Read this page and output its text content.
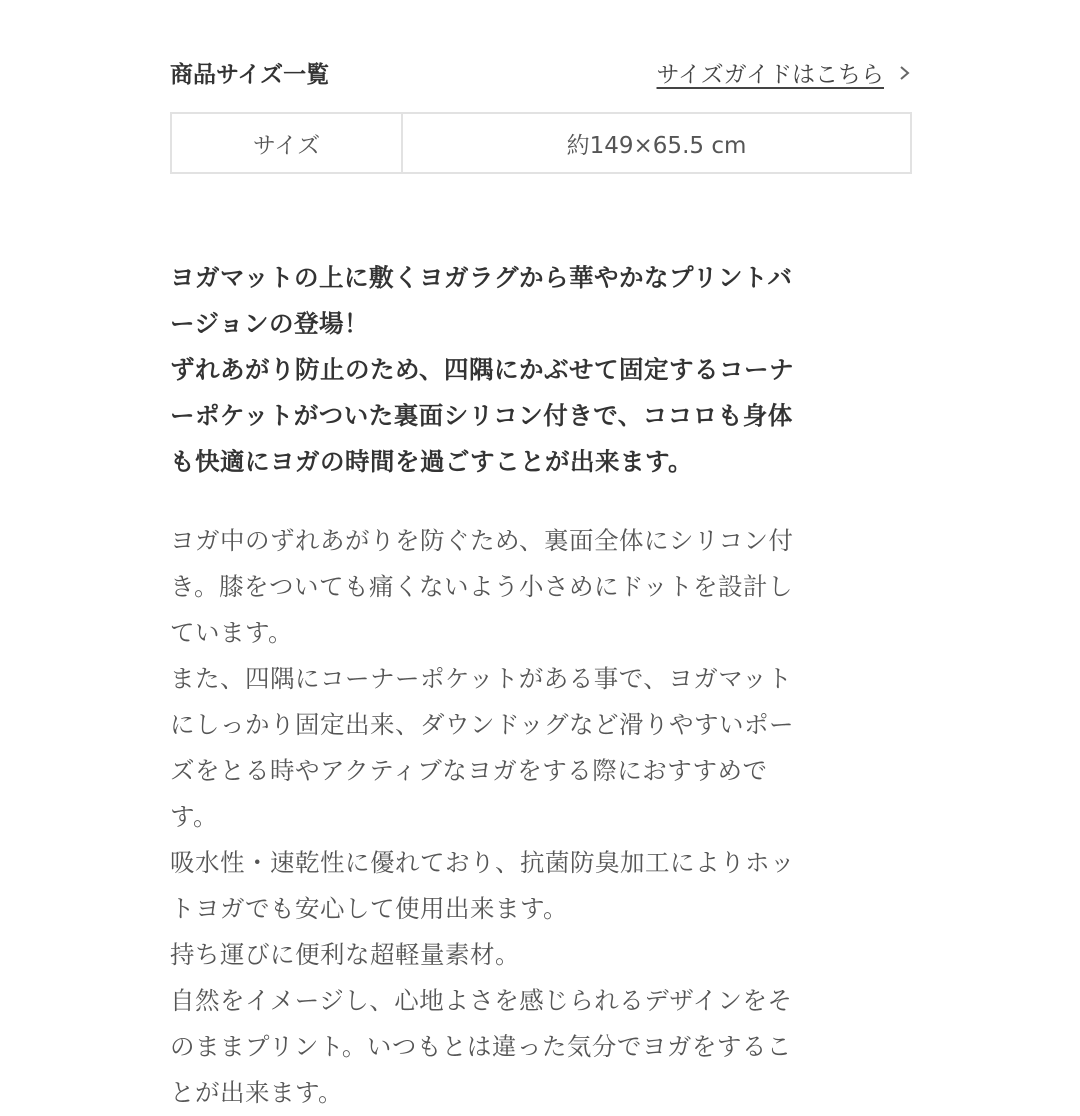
商品サイズ一覧	サイズガイドはこちら
サイズ	約149×65.5 cm
ヨガマットの上に敷くヨガラグから華やかなプリントバ
ージョンの登場！
ずれあがり防止のため、四隅にかぶせて固定するコーナ
ーポケットがついた裏面シリコン付きで、ココロも身体
も快適にヨガの時間を過ごすことが出来ます。
ヨガ中のずれあがりを防ぐため、裏面全体にシリコン付
き。膝をついても痛くないよう小さめにドットを設計し
ています。
また、四隅にコーナーポケットがある事で、ヨガマット
にしっかり固定出来、ダウンドッグなど滑りやすいポー
ズをとる時やアクティブなヨガをする際におすすめで
す。
吸水性・速乾性に優れており、抗菌防臭加工によりホッ
トヨガでも安心して使用出来ます。
持ち運びに便利な超軽量素材。
自然をイメージし、心地よさを感じられるデザインをそ
のままプリント。いつもとは違った気分でヨガをするこ
とが出来ます。
